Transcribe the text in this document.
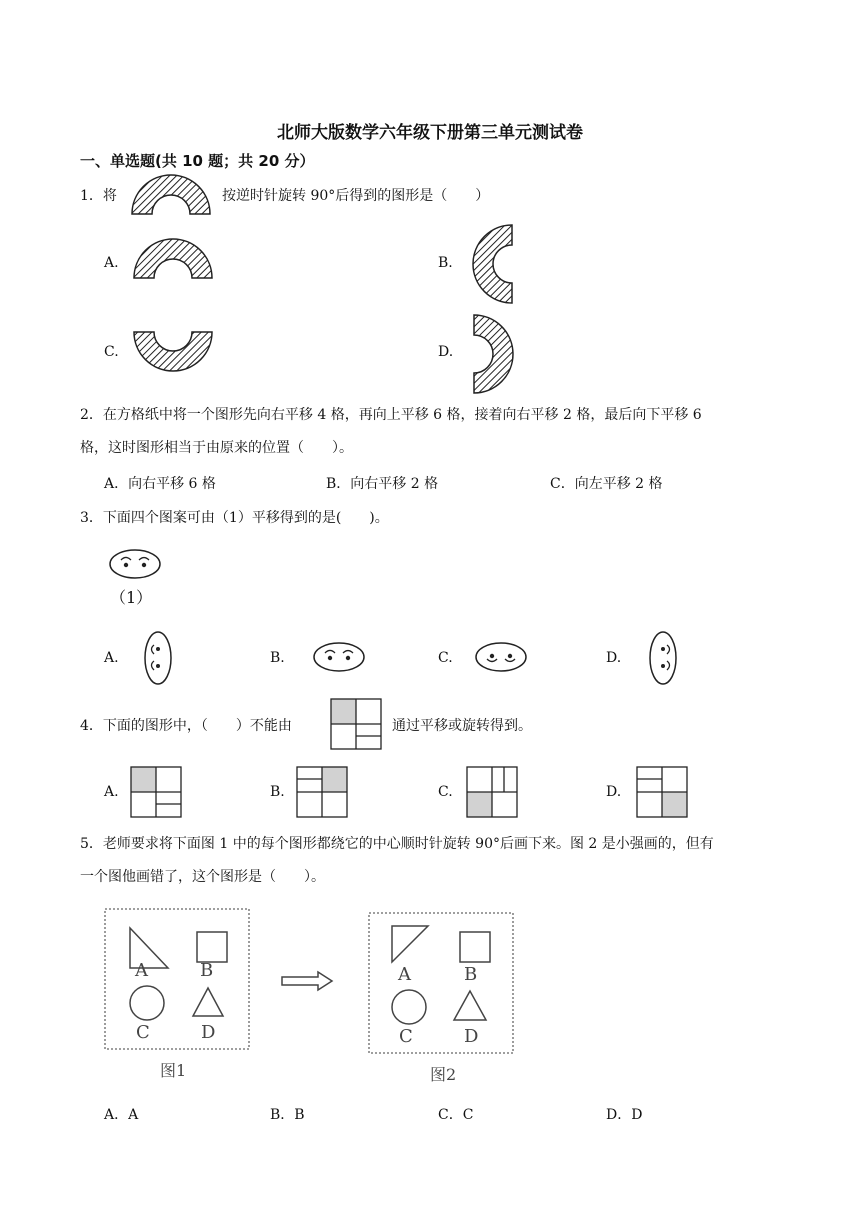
北师大版数学六年级下册第三单元测试卷
一、单选题(共 10 题；共 20 分）
1．将	按逆时针旋转 90°后得到的图形是（　　）
A.	B.
C.	D.
2．在方格纸中将一个图形先向右平移 4 格，再向上平移 6 格，接着向右平移 2 格，最后向下平移 6
格，这时图形相当于由原来的位置（　　）。
A．向右平移 6 格	B．向右平移 2 格	C．向左平移 2 格
3．下面四个图案可由（1）平移得到的是(　　)。
（1）
A.	B.	C.	D.
4．下面的图形中，（　　）不能由	通过平移或旋转得到。
A.	B.	C.	D.
5．老师要求将下面图 1 中的每个图形都绕它的中心顺时针旋转 90°后画下来。图 2 是小强画的，但有
一个图他画错了，这个图形是（　　）。
A	B
C	D
图1
A	B
C	D
图2
A．A	B．B	C．C	D．D
